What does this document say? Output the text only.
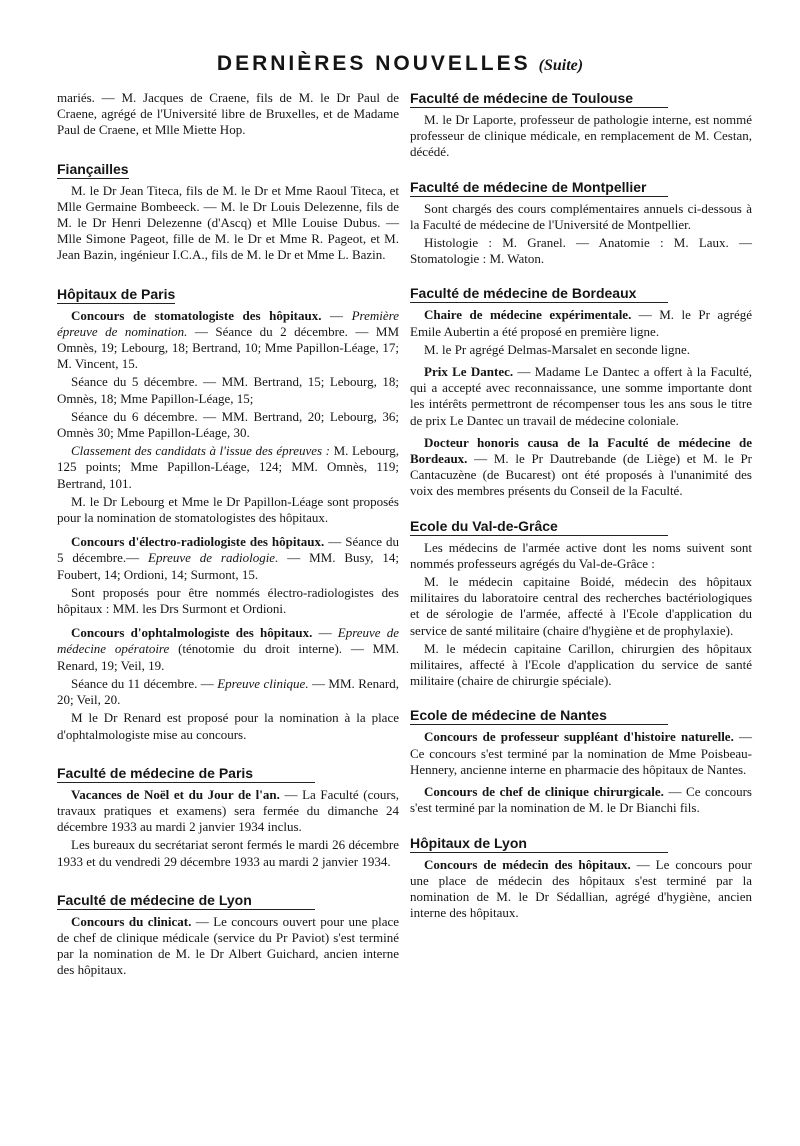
DERNIÈRES NOUVELLES (Suite)

mariés. — M. Jacques de Craene, fils de M. le Dr Paul de Craene, agrégé de l'Université libre de Bruxelles, et de Madame Paul de Craene, et Mlle Miette Hop.

Fiançailles

M. le Dr Jean Titeca, fils de M. le Dr et Mme Raoul Titeca, et Mlle Germaine Bombeeck. — M. le Dr Louis Delezenne, fils de M. le Dr Henri Delezenne (d'Ascq) et Mlle Louise Dubus. — Mlle Simone Pageot, fille de M. le Dr et Mme R. Pageot, et M. Jean Bazin, ingénieur I.C.A., fils de M. le Dr et Mme L. Bazin.

Hôpitaux de Paris

Concours de stomatologiste des hôpitaux. — Première épreuve de nomination. — Séance du 2 décembre. — MM Omnès, 19; Lebourg, 18; Bertrand, 10; Mme Papillon-Léage, 17; M. Vincent, 15.

Séance du 5 décembre. — MM. Bertrand, 15; Lebourg, 18; Omnès, 18; Mme Papillon-Léage, 15;

Séance du 6 décembre. — MM. Bertrand, 20; Lebourg, 36; Omnès 30; Mme Papillon-Léage, 30.

Classement des candidats à l'issue des épreuves : M. Lebourg, 125 points; Mme Papillon-Léage, 124; MM. Omnès, 119; Bertrand, 101.

M. le Dr Lebourg et Mme le Dr Papillon-Léage sont proposés pour la nomination de stomatologistes des hôpitaux.

Concours d'électro-radiologiste des hôpitaux. — Séance du 5 décembre.— Epreuve de radiologie. — MM. Busy, 14; Foubert, 14; Ordioni, 14; Surmont, 15.

Sont proposés pour être nommés électro-radiologistes des hôpitaux : MM. les Drs Surmont et Ordioni.

Concours d'ophtalmologiste des hôpitaux. — Epreuve de médecine opératoire (ténotomie du droit interne). — MM. Renard, 19; Veil, 19.

Séance du 11 décembre. — Epreuve clinique. — MM. Renard, 20; Veil, 20.

M le Dr Renard est proposé pour la nomination à la place d'ophtalmologiste mise au concours.

Faculté de médecine de Paris

Vacances de Noël et du Jour de l'an. — La Faculté (cours, travaux pratiques et examens) sera fermée du dimanche 24 décembre 1933 au mardi 2 janvier 1934 inclus.

Les bureaux du secrétariat seront fermés le mardi 26 décembre 1933 et du vendredi 29 décembre 1933 au mardi 2 janvier 1934.

Faculté de médecine de Lyon

Concours du clinicat. — Le concours ouvert pour une place de chef de clinique médicale (service du Pr Paviot) s'est terminé par la nomination de M. le Dr Albert Guichard, ancien interne des hôpitaux.

Faculté de médecine de Toulouse

M. le Dr Laporte, professeur de pathologie interne, est nommé professeur de clinique médicale, en remplacement de M. Cestan, décédé.

Faculté de médecine de Montpellier

Sont chargés des cours complémentaires annuels ci-dessous à la Faculté de médecine de l'Université de Montpellier.

Histologie : M. Granel. — Anatomie : M. Laux. — Stomatologie : M. Waton.

Faculté de médecine de Bordeaux

Chaire de médecine expérimentale. — M. le Pr agrégé Emile Aubertin a été proposé en première ligne.

M. le Pr agrégé Delmas-Marsalet en seconde ligne.

Prix Le Dantec. — Madame Le Dantec a offert à la Faculté, qui a accepté avec reconnaissance, une somme importante dont les intérêts permettront de récompenser tous les ans sous le titre de prix Le Dantec un travail de médecine coloniale.

Docteur honoris causa de la Faculté de médecine de Bordeaux. — M. le Pr Dautrebande (de Liège) et M. le Pr Cantacuzène (de Bucarest) ont été proposés à l'unanimité des voix des membres présents du Conseil de la Faculté.

Ecole du Val-de-Grâce

Les médecins de l'armée active dont les noms suivent sont nommés professeurs agrégés du Val-de-Grâce :

M. le médecin capitaine Boidé, médecin des hôpitaux militaires du laboratoire central des recherches bactériologiques et de sérologie de l'armée, affecté à l'Ecole d'application du service de santé militaire (chaire d'hygiène et de prophylaxie).

M. le médecin capitaine Carillon, chirurgien des hôpitaux militaires, affecté à l'Ecole d'application du service de santé militaire (chaire de chirurgie spéciale).

Ecole de médecine de Nantes

Concours de professeur suppléant d'histoire naturelle. — Ce concours s'est terminé par la nomination de Mme Poisbeau-Hennery, ancienne interne en pharmacie des hôpitaux de Nantes.

Concours de chef de clinique chirurgicale. — Ce concours s'est terminé par la nomination de M. le Dr Bianchi fils.

Hôpitaux de Lyon

Concours de médecin des hôpitaux. — Le concours pour une place de médecin des hôpitaux s'est terminé par la nomination de M. le Dr Sédallian, agrégé d'hygiène, ancien interne des hôpitaux.
